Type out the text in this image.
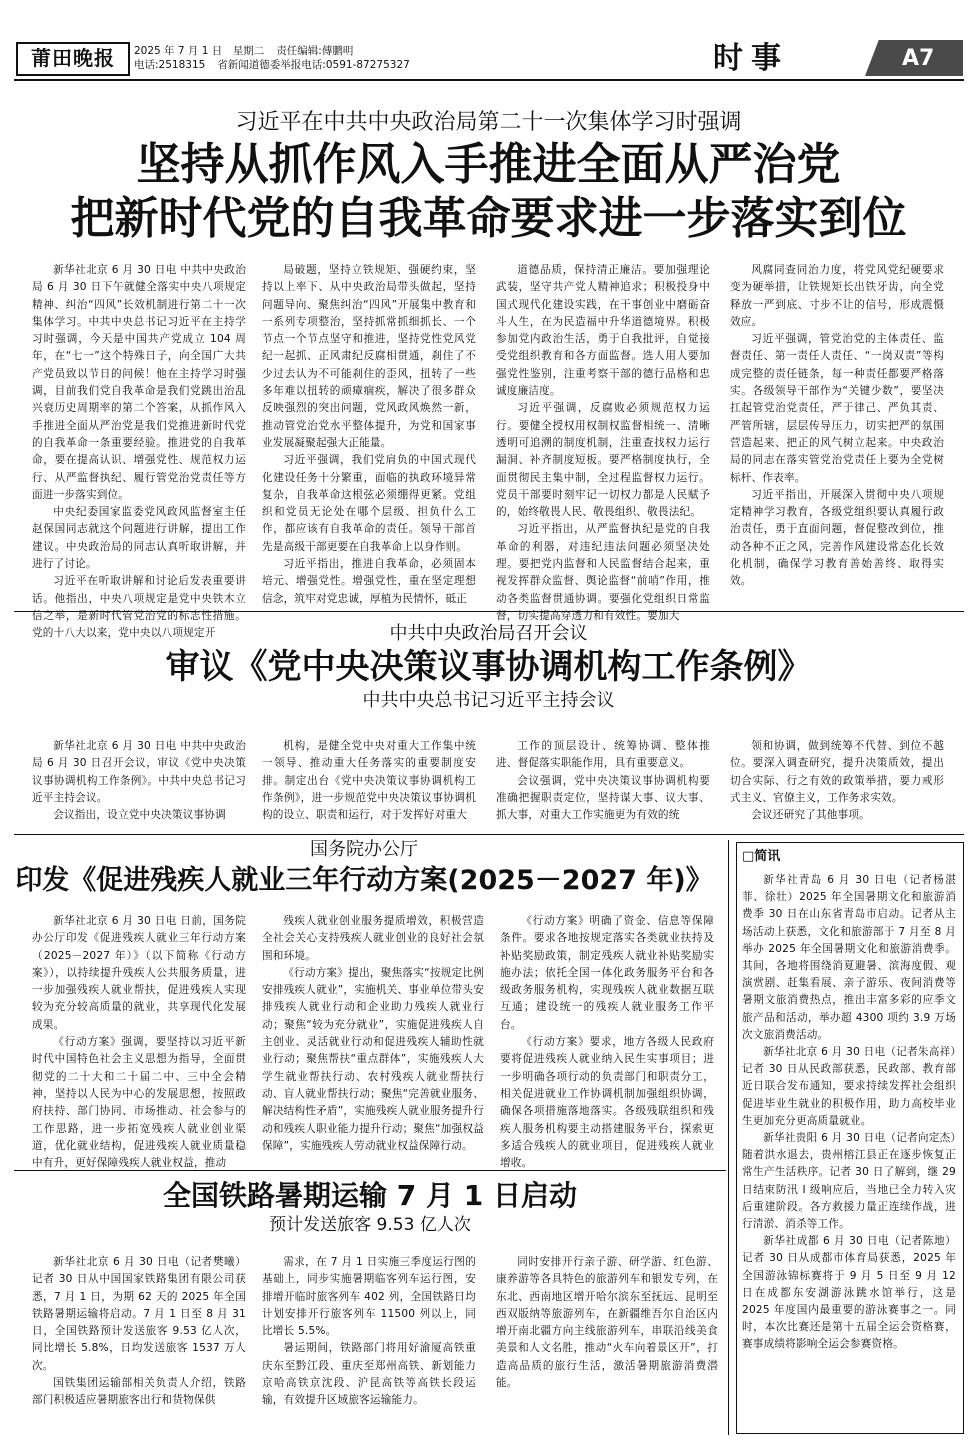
莆田晚报	2025 年 7 月 1 日　星期二 责任编辑:傅鹏明
电话:2518315 省新闻道德委举报电话:0591-87275327	时事	A7
习近平在中共中央政治局第二十一次集体学习时强调
坚持从抓作风入手推进全面从严治党
把新时代党的自我革命要求进一步落实到位

新华社北京 6 月 30 日电 中共中央政治局 6 月 30 日下午就健全落实中央八项规定精神、纠治“四风”长效机制进行第二十一次集体学习。中共中央总书记习近平在主持学习时强调，今天是中国共产党成立 104 周年，在“七一”这个特殊日子，向全国广大共产党员致以节日的问候！他在主持学习时强调，目前我们党自我革命是我们党跳出治乱兴衰历史周期率的第二个答案，从抓作风入手推进全面从严治党是我们党推进新时代党的自我革命一条重要经验。推进党的自我革命，要在提高认识、增强党性、规范权力运行、从严监督执纪、履行管党治党责任等方面进一步落实到位。

中央纪委国家监委党风政风监督室主任赵保国同志就这个问题进行讲解，提出工作建议。中央政治局的同志认真听取讲解，并进行了讨论。

习近平在听取讲解和讨论后发表重要讲话。他指出，中央八项规定是党中央铁木立信之举，是新时代管党治党的标志性措施。党的十八大以来，党中央以八项规定开

局破题，坚持立铁规矩、强硬约束，坚持以上率下、从中央政治局带头做起，坚持问题导向、聚焦纠治“四风”开展集中教育和一系列专项整治，坚持抓常抓细抓长、一个节点一个节点坚守和推进，坚持党性党风党纪一起抓、正风肃纪反腐相贯通，刹住了不少过去认为不可能刹住的歪风，扭转了一些多年难以扭转的顽瘴痼疾，解决了很多群众反映强烈的突出问题，党风政风焕然一新，推动管党治党水平整体提升，为党和国家事业发展凝聚起强大正能量。

习近平强调，我们党肩负的中国式现代化建设任务十分繁重，面临的执政环境异常复杂，自我革命这根弦必须绷得更紧。党组织和党员无论处在哪个层级、担负什么工作，都应该有自我革命的责任。领导干部首先是高级干部更要在自我革命上以身作则。

习近平指出，推进自我革命，必须固本培元、增强党性。增强党性，重在坚定理想信念，筑牢对党忠诚，厚植为民情怀，砥正

道德品质，保持清正廉洁。要加强理论武装，坚守共产党人精神追求；积极投身中国式现代化建设实践，在干事创业中磨砺奋斗人生，在为民造福中升华道德境界。积极参加党内政治生活，勇于自我批评，自觉接受党组织教育和各方面监督。选人用人要加强党性鉴别，注重考察干部的德行品格和忠诚度廉洁度。

习近平强调，反腐败必须规范权力运行。要健全授权用权制权监督相统一、清晰透明可追溯的制度机制，注重查找权力运行漏洞、补齐制度短板。要严格制度执行，全面贯彻民主集中制，全过程监督权力运行。党员干部要时刻牢记一切权力都是人民赋予的，始终敬畏人民、敬畏组织、敬畏法纪。

习近平指出，从严监督执纪是党的自我革命的利器，对违纪违法问题必须坚决处理。要把党内监督和人民监督结合起来，重视发挥群众监督、舆论监督“前哨”作用，推动各类监督贯通协调。要强化党组织日常监督，切实提高穿透力和有效性。要加大

风腐同查同治力度，将党风党纪硬要求变为硬举措，让铁规矩长出铁牙齿，向全党释放一严到底、寸步不让的信号，形成震慑效应。

习近平强调，管党治党的主体责任、监督责任、第一责任人责任、“一岗双责”等构成完整的责任链条，每一种责任都要严格落实。各级领导干部作为“关键少数”，要坚决扛起管党治党责任，严于律己、严负其责、严管所辖，层层传导压力，切实把严的氛围营造起来、把正的风气树立起来。中央政治局的同志在落实管党治党责任上要为全党树标杆、作表率。

习近平指出，开展深入贯彻中央八项规定精神学习教育，各级党组织要认真履行政治责任，勇于直面问题，督促整改到位，推动各种不正之风，完善作风建设常态化长效化机制，确保学习教育善始善终、取得实效。

中共中央政治局召开会议
审议《党中央决策议事协调机构工作条例》
中共中央总书记习近平主持会议

新华社北京 6 月 30 日电 中共中央政治局 6 月 30 日召开会议，审议《党中央决策议事协调机构工作条例》。中共中央总书记习近平主持会议。

会议指出，设立党中央决策议事协调

机构，是健全党中央对重大工作集中统一领导、推动重大任务落实的重要制度安排。制定出台《党中央决策议事协调机构工作条例》，进一步规范党中央决策议事协调机构的设立、职责和运行，对于发挥好对重大

工作的顶层设计、统筹协调、整体推进、督促落实职能作用，具有重要意义。

会议强调，党中央决策议事协调机构要准确把握职责定位，坚持谋大事、议大事、抓大事，对重大工作实施更为有效的统

领和协调，做到统筹不代替、到位不越位。要深入调查研究，提升决策质效，提出切合实际、行之有效的政策举措，要力戒形式主义、官僚主义，工作务求实效。

会议还研究了其他事项。

国务院办公厅
印发《促进残疾人就业三年行动方案(2025－2027 年)》

新华社北京 6 月 30 日电 日前，国务院办公厅印发《促进残疾人就业三年行动方案（2025－2027 年）》（以下简称《行动方案》），以持续提升残疾人公共服务质量，进一步加强残疾人就业帮扶，促进残疾人实现较为充分较高质量的就业，共享现代化发展成果。

《行动方案》强调，要坚持以习近平新时代中国特色社会主义思想为指导，全面贯彻党的二十大和二十届二中、三中全会精神，坚持以人民为中心的发展思想，按照政府扶持、部门协同、市场推动、社会参与的工作思路，进一步拓宽残疾人就业创业渠道，优化就业结构，促进残疾人就业质量稳中有升，更好保障残疾人就业权益，推动

残疾人就业创业服务提质增效，积极营造全社会关心支持残疾人就业创业的良好社会氛围和环境。

《行动方案》提出，聚焦落实“按规定比例安排残疾人就业”，实施机关、事业单位带头安排残疾人就业行动和企业助力残疾人就业行动；聚焦“较为充分就业”，实施促进残疾人自主创业、灵活就业行动和促进残疾人辅助性就业行动；聚焦帮扶“重点群体”，实施残疾人大学生就业帮扶行动、农村残疾人就业帮扶行动、盲人就业帮扶行动；聚焦“完善就业服务、解决结构性矛盾”，实施残疾人就业服务提升行动和残疾人职业能力提升行动；聚焦“加强权益保障”，实施残疾人劳动就业权益保障行动。

《行动方案》明确了资金、信息等保障条件。要求各地按规定落实各类就业扶持及补贴奖励政策，制定残疾人就业补贴奖励实施办法；依托全国一体化政务服务平台和各级政务服务机构，实现残疾人就业数据互联互通；建设统一的残疾人就业服务工作平台。

《行动方案》要求，地方各级人民政府要将促进残疾人就业纳入民生实事项目；进一步明确各项行动的负责部门和职责分工，相关促进就业工作协调机制加强组织协调，确保各项措施落地落实。各级残联组织和残疾人服务机构要主动搭建服务平台，探索更多适合残疾人的就业项目，促进残疾人就业增收。

□简讯

新华社青岛 6 月 30 日电（记者杨湛菲、徐壮）2025 年全国暑期文化和旅游消费季 30 日在山东省青岛市启动。记者从主场活动上获悉，文化和旅游部于 7 月至 8 月举办 2025 年全国暑期文化和旅游消费季。其间，各地将围绕消夏避暑、滨海度假、观演赏剧、赶集看展、亲子游乐、夜间消费等暑期文旅消费热点，推出丰富多彩的应季文旅产品和活动，举办超 4300 项约 3.9 万场次文旅消费活动。

新华社北京 6 月 30 日电（记者朱高祥）记者 30 日从民政部获悉，民政部、教育部近日联合发布通知，要求持续发挥社会组织促进毕业生就业的积极作用，助力高校毕业生更加充分更高质量就业。

新华社贵阳 6 月 30 日电（记者向定杰）随着洪水退去，贵州榕江县正在逐步恢复正常生产生活秩序。记者 30 日了解到，继 29 日结束防汛 I 级响应后，当地已全力转入灾后重建阶段。各方救援力量正连续作战，进行清淤、消杀等工作。

新华社成都 6 月 30 日电（记者陈地）记者 30 日从成都市体育局获悉，2025 年全国游泳锦标赛将于 9 月 5 日至 9 月 12 日在成都东安湖游泳跳水馆举行，这是 2025 年度国内最重要的游泳赛事之一。同时，本次比赛还是第十五届全运会资格赛，赛事成绩将影响全运会参赛资格。

全国铁路暑期运输 7 月 1 日启动
预计发送旅客 9.53 亿人次

新华社北京 6 月 30 日电（记者樊曦）记者 30 日从中国国家铁路集团有限公司获悉，7 月 1 日，为期 62 天的 2025 年全国铁路暑期运输将启动。7 月 1 日至 8 月 31 日，全国铁路预计发送旅客 9.53 亿人次，同比增长 5.8%，日均发送旅客 1537 万人次。

国铁集团运输部相关负责人介绍，铁路部门积极适应暑期旅客出行和货物保供

需求，在 7 月 1 日实施三季度运行图的基础上，同步实施暑期临客列车运行图，安排增开临时旅客列车 402 列，全国铁路日均计划安排开行旅客列车 11500 列以上，同比增长 5.5%。

暑运期间，铁路部门将用好渝厦高铁重庆东至黔江段、重庆至郑州高铁、新划能力京哈高铁京沈段、沪昆高铁等高铁长段运输，有效提升区域旅客运输能力。

同时安排开行亲子游、研学游、红色游、康养游等各具特色的旅游列车和银发专列，在东北、西南地区增开哈尔滨东至抚远、昆明至西双版纳等旅游列车，在新疆维吾尔自治区内增开南北疆方向主线旅游列车，串联沿线美食美景和人文名胜，推动“火车向着景区开”，打造高品质的旅行生活，激活暑期旅游消费潜能。
